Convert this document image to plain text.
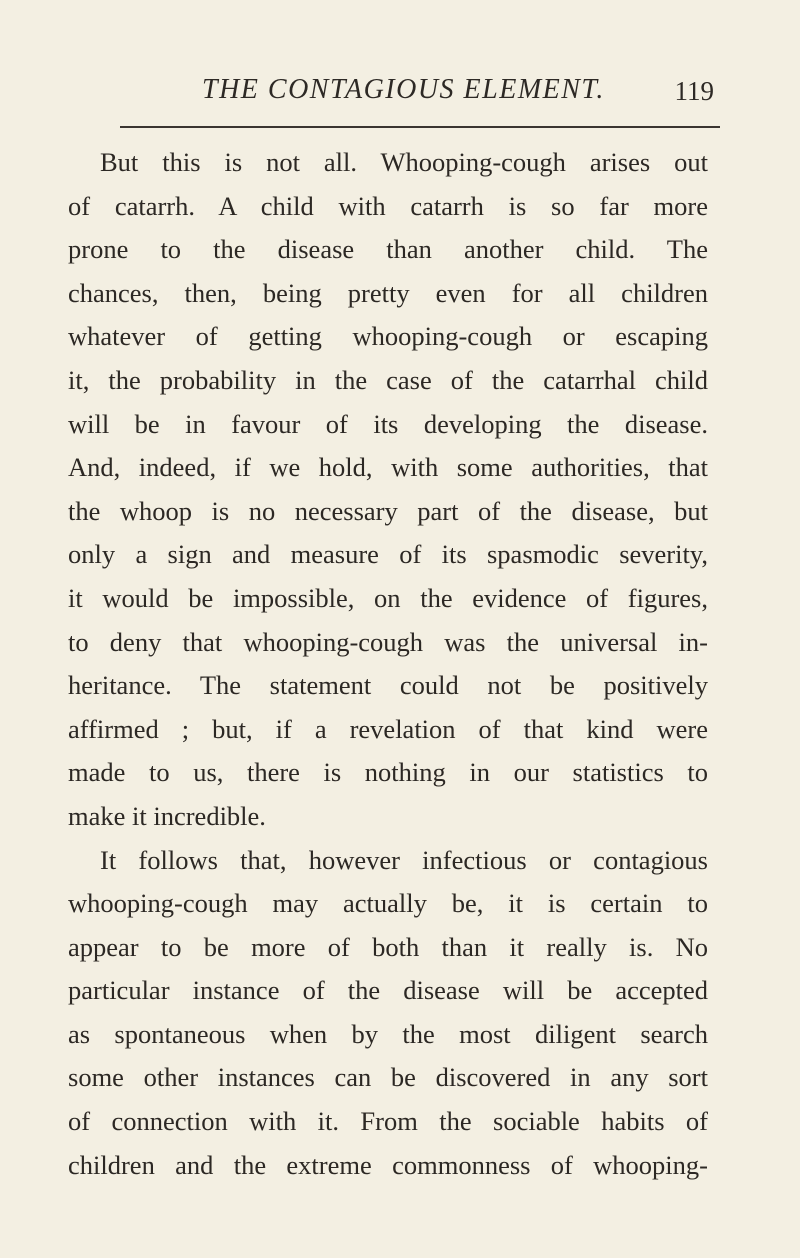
THE CONTAGIOUS ELEMENT.	119
But this is not all. Whooping-cough arises out
of catarrh. A child with catarrh is so far more
prone to the disease than another child. The
chances, then, being pretty even for all children
whatever of getting whooping-cough or escaping
it, the probability in the case of the catarrhal child
will be in favour of its developing the disease.
And, indeed, if we hold, with some authorities, that
the whoop is no necessary part of the disease, but
only a sign and measure of its spasmodic severity,
it would be impossible, on the evidence of figures,
to deny that whooping-cough was the universal in-
heritance. The statement could not be positively
affirmed ; but, if a revelation of that kind were
made to us, there is nothing in our statistics to
make it incredible.
It follows that, however infectious or contagious
whooping-cough may actually be, it is certain to
appear to be more of both than it really is. No
particular instance of the disease will be accepted
as spontaneous when by the most diligent search
some other instances can be discovered in any sort
of connection with it. From the sociable habits of
children and the extreme commonness of whooping-
